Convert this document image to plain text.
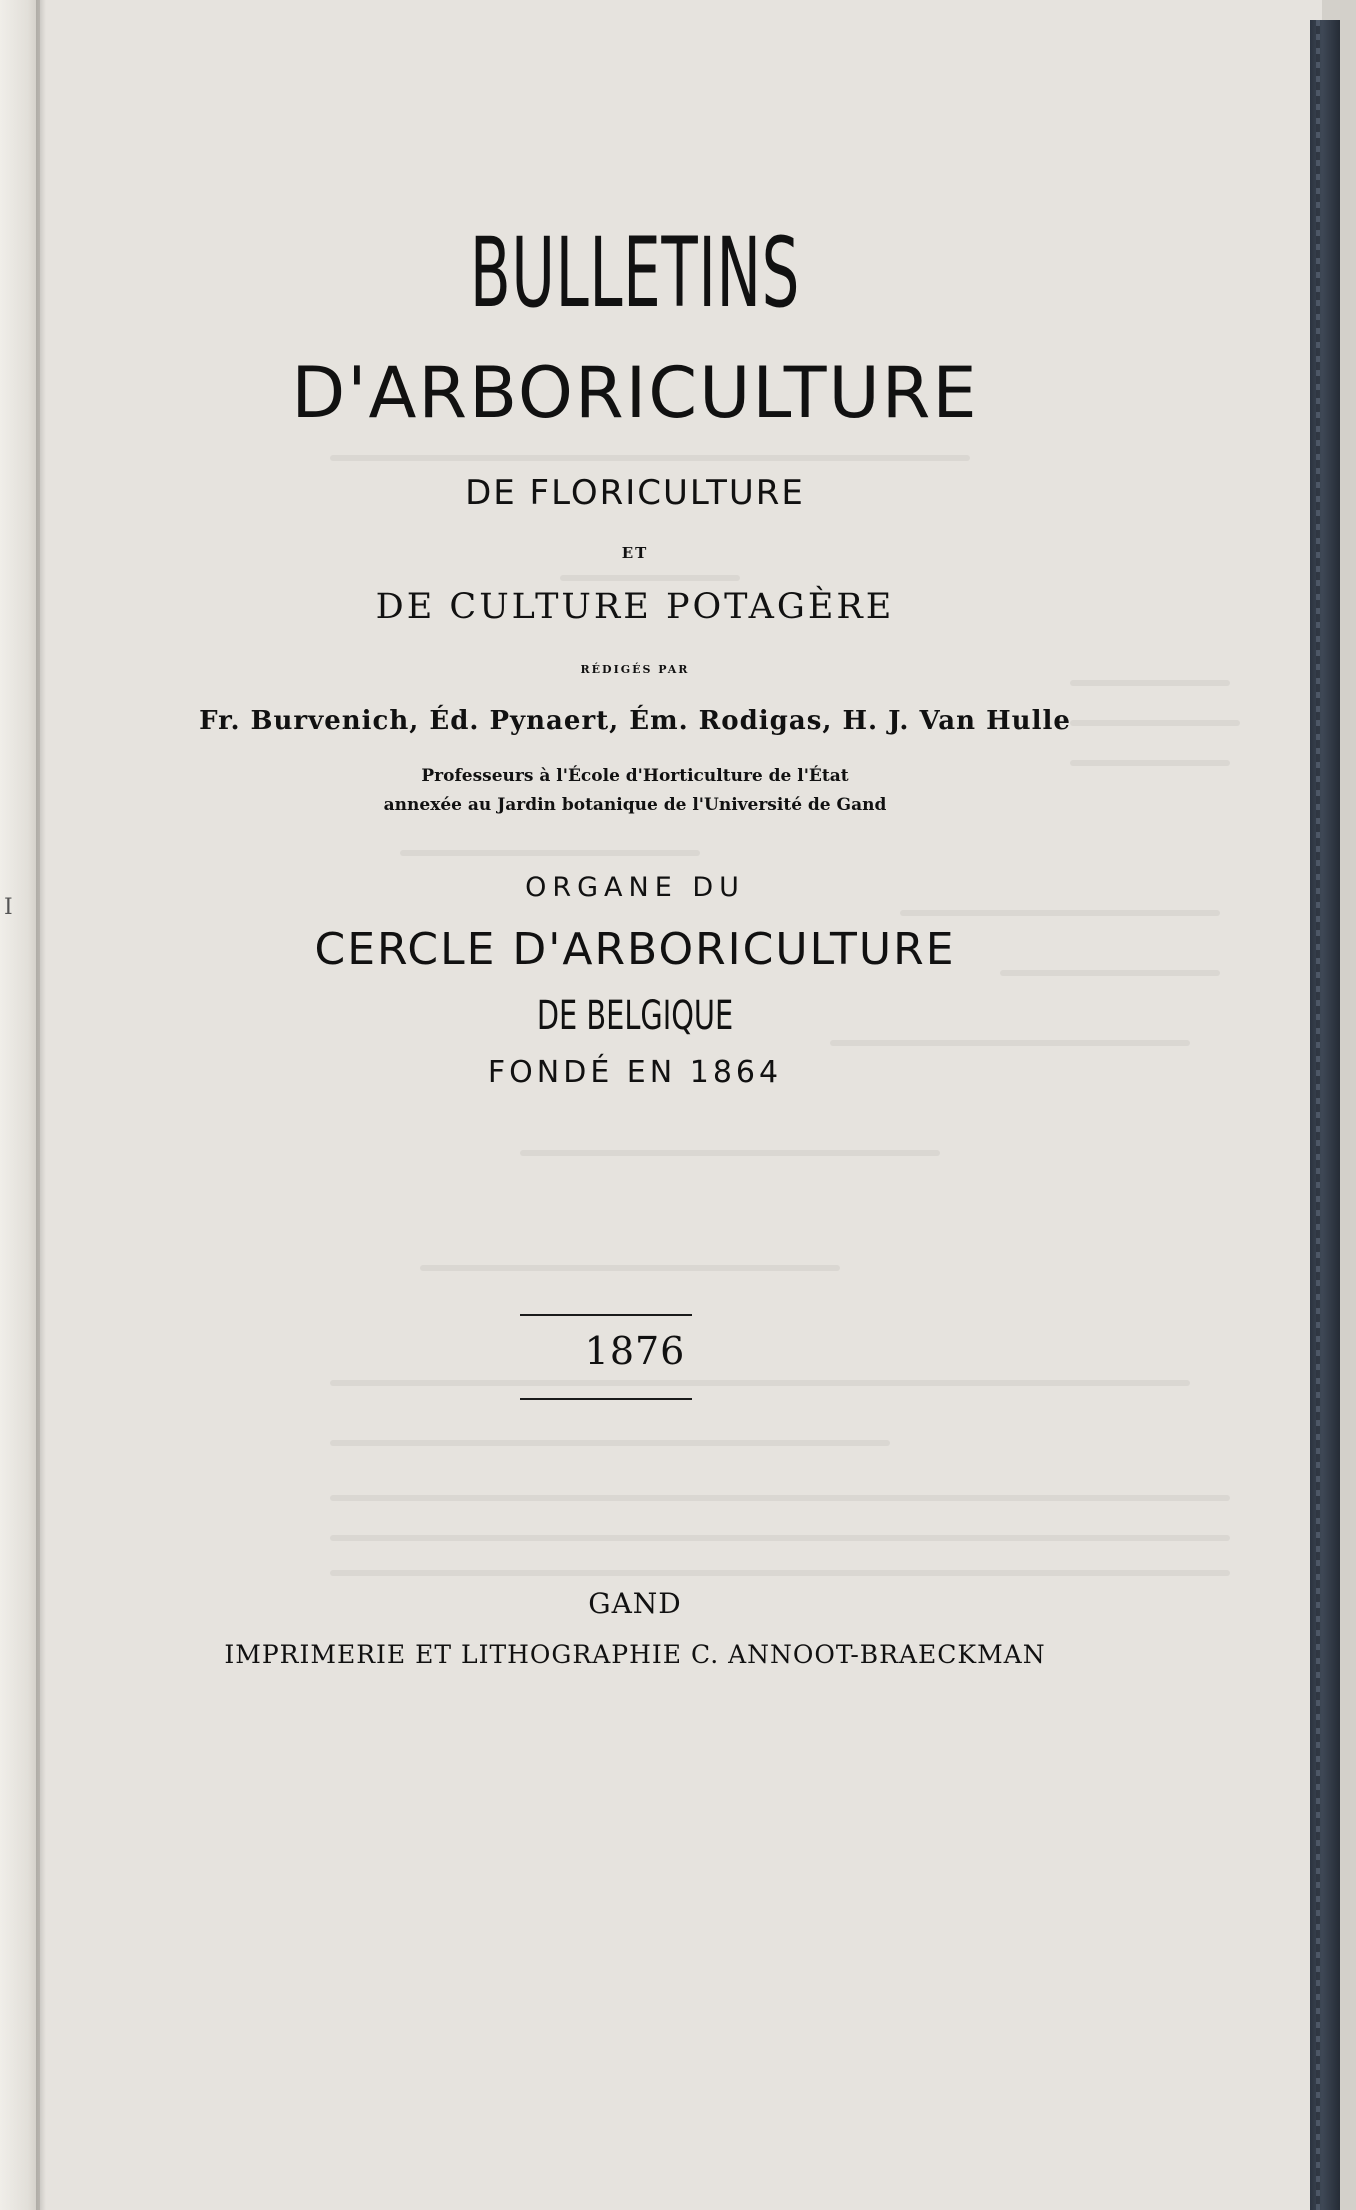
I
BULLETINS
D'ARBORICULTURE
DE FLORICULTURE
ET
DE CULTURE POTAGÈRE
RÉDIGÉS PAR
Fr. Burvenich, Éd. Pynaert, Ém. Rodigas, H. J. Van Hulle
Professeurs à l'École d'Horticulture de l'État
annexée au Jardin botanique de l'Université de Gand
ORGANE DU
CERCLE D'ARBORICULTURE
DE BELGIQUE
FONDÉ EN 1864
1876
GAND
IMPRIMERIE ET LITHOGRAPHIE C. ANNOOT-BRAECKMAN
